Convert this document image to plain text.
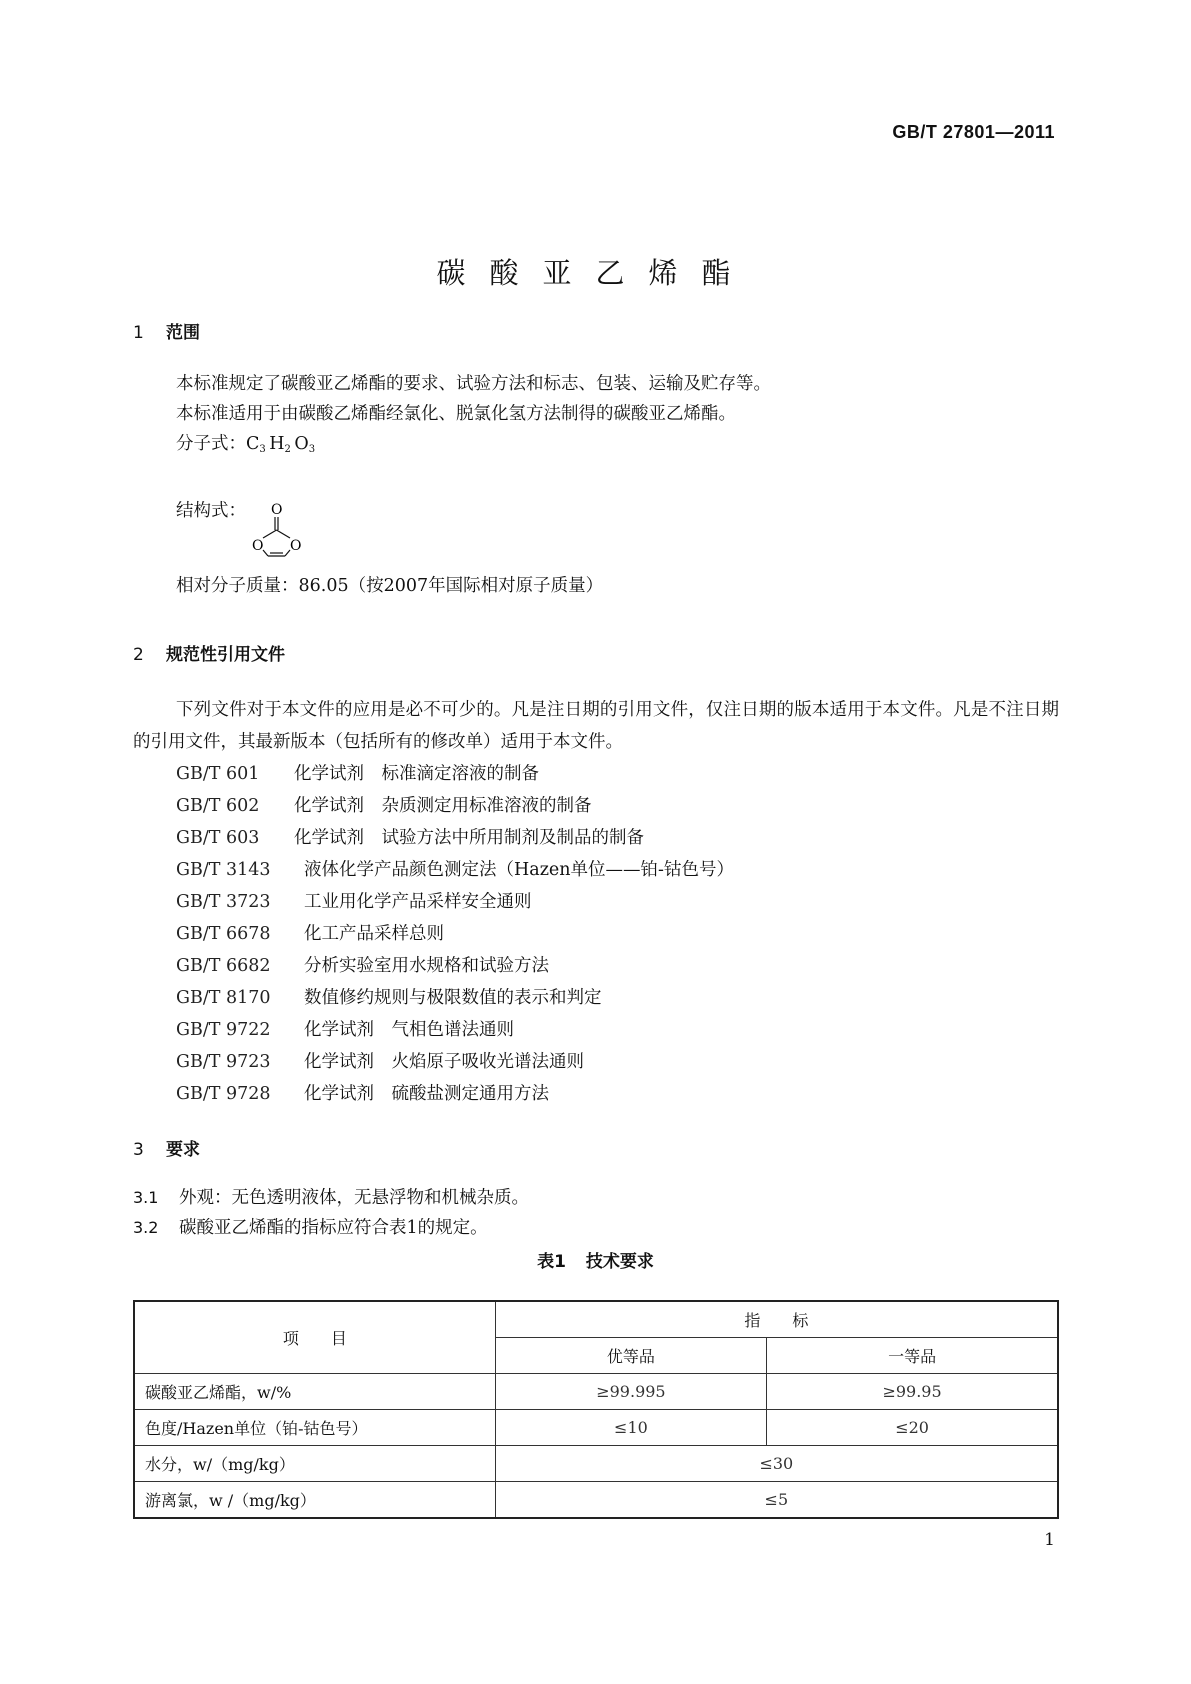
GB/T 27801—2011
碳酸亚乙烯酯
1 范围
本标准规定了碳酸亚乙烯酯的要求、试验方法和标志、包装、运输及贮存等。
本标准适用于由碳酸乙烯酯经氯化、脱氯化氢方法制得的碳酸亚乙烯酯。
分子式：$C_3$  $H_2$  $O_3$
结构式： O
O O
相对分子质量：86.05（按2007年国际相对原子质量）
2 规范性引用文件
下列文件对于本文件的应用是必不可少的。凡是注日期的引用文件，仅注日期的版本适用于本文件。凡是不注日期的引用文件，其最新版本（包括所有的修改单）适用于本文件。
GB/T 601 化学试剂　标准滴定溶液的制备
GB/T 602 化学试剂　杂质测定用标准溶液的制备
GB/T 603 化学试剂　试验方法中所用制剂及制品的制备
GB/T 3143 液体化学产品颜色测定法（Hazen单位——铂-钴色号）
GB/T 3723 工业用化学产品采样安全通则
GB/T 6678 化工产品采样总则
GB/T 6682 分析实验室用水规格和试验方法
GB/T 8170 数值修约规则与极限数值的表示和判定
GB/T 9722 化学试剂　气相色谱法通则
GB/T 9723 化学试剂　火焰原子吸收光谱法通则
GB/T 9728 化学试剂　硫酸盐测定通用方法
3 要求
3.1 外观：无色透明液体，无悬浮物和机械杂质。
3.2 碳酸亚乙烯酯的指标应符合表1的规定。
表1 技术要求
项　　目	指　　标	
	优等品	一等品
碳酸亚乙烯酯，w/%	≥99.995	≥99.95
色度/Hazen单位（铂-钴色号）	≤10	≤20
水分，w/（mg/kg）	≤30	
游离氯，w /（mg/kg）	≤5	
1
